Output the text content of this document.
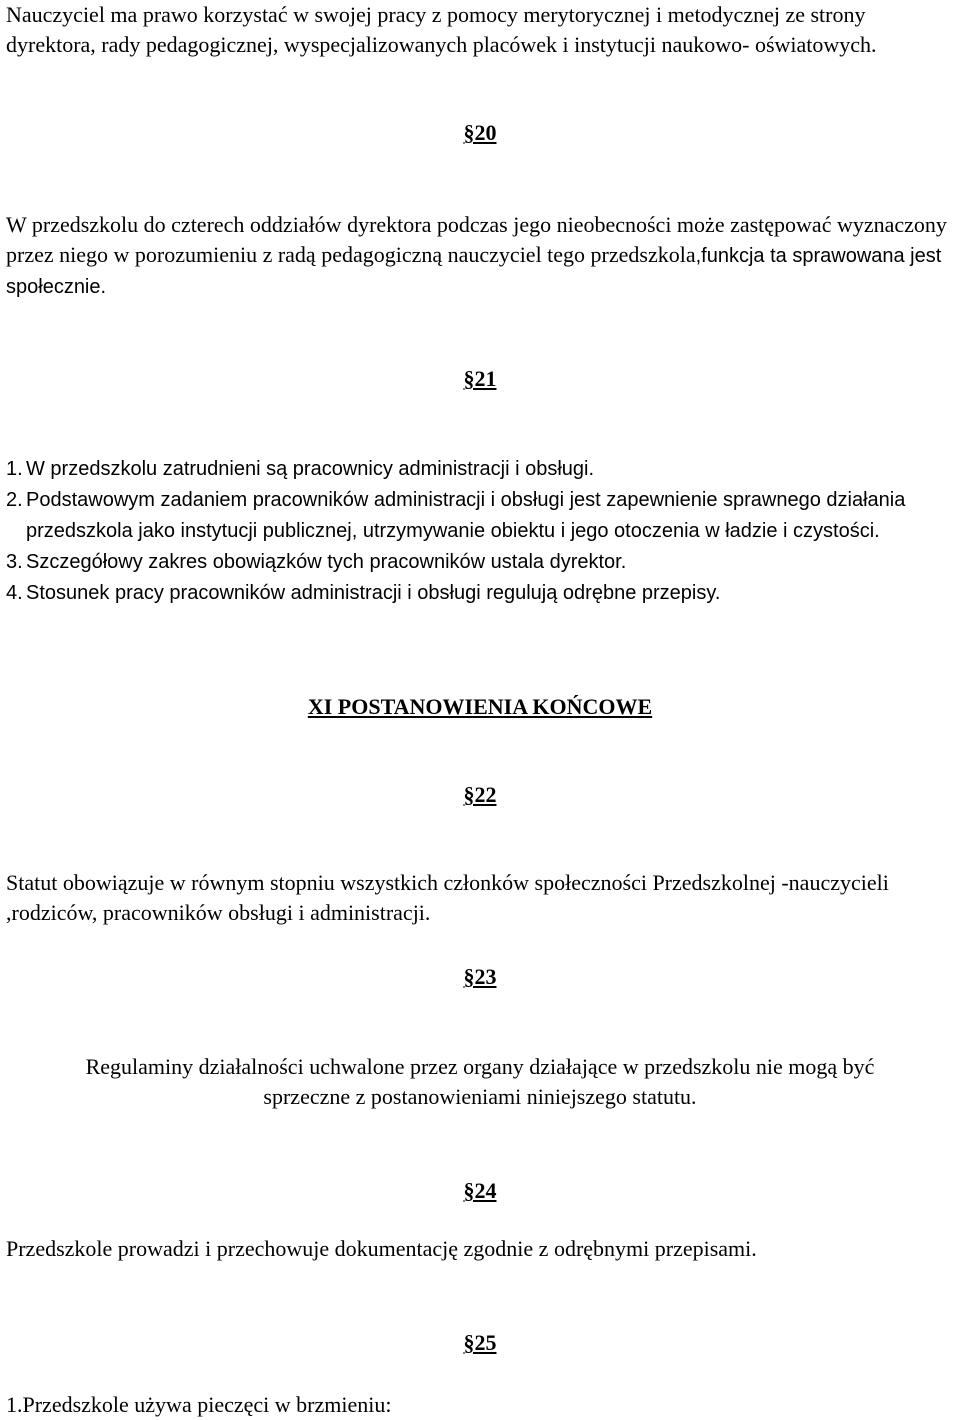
Nauczyciel ma prawo korzystać w swojej pracy z pomocy merytorycznej i metodycznej ze strony dyrektora, rady pedagogicznej, wyspecjalizowanych placówek i instytucji naukowo- oświatowych.

§20

W przedszkolu do czterech oddziałów dyrektora podczas jego nieobecności może zastępować wyznaczony przez niego w porozumieniu z radą pedagogiczną nauczyciel tego przedszkola,funkcja ta sprawowana jest społecznie.

§21

1. W przedszkolu zatrudnieni są pracownicy administracji i obsługi.
2. Podstawowym zadaniem pracowników administracji i obsługi jest zapewnienie sprawnego działania przedszkola jako instytucji publicznej, utrzymywanie obiektu i jego otoczenia w ładzie i czystości.
3. Szczegółowy zakres obowiązków tych pracowników ustala dyrektor.
4. Stosunek pracy pracowników administracji i obsługi regulują odrębne przepisy.

XI POSTANOWIENIA KOŃCOWE

§22

Statut obowiązuje w równym stopniu wszystkich członków społeczności Przedszkolnej -nauczycieli ,rodziców, pracowników obsługi i administracji.

§23

Regulaminy działalności uchwalone przez organy działające w przedszkolu nie mogą być
sprzeczne z postanowieniami niniejszego statutu.

§24

Przedszkole prowadzi i przechowuje dokumentację zgodnie z odrębnymi przepisami.

§25

1.Przedszkole używa pieczęci w brzmieniu:
